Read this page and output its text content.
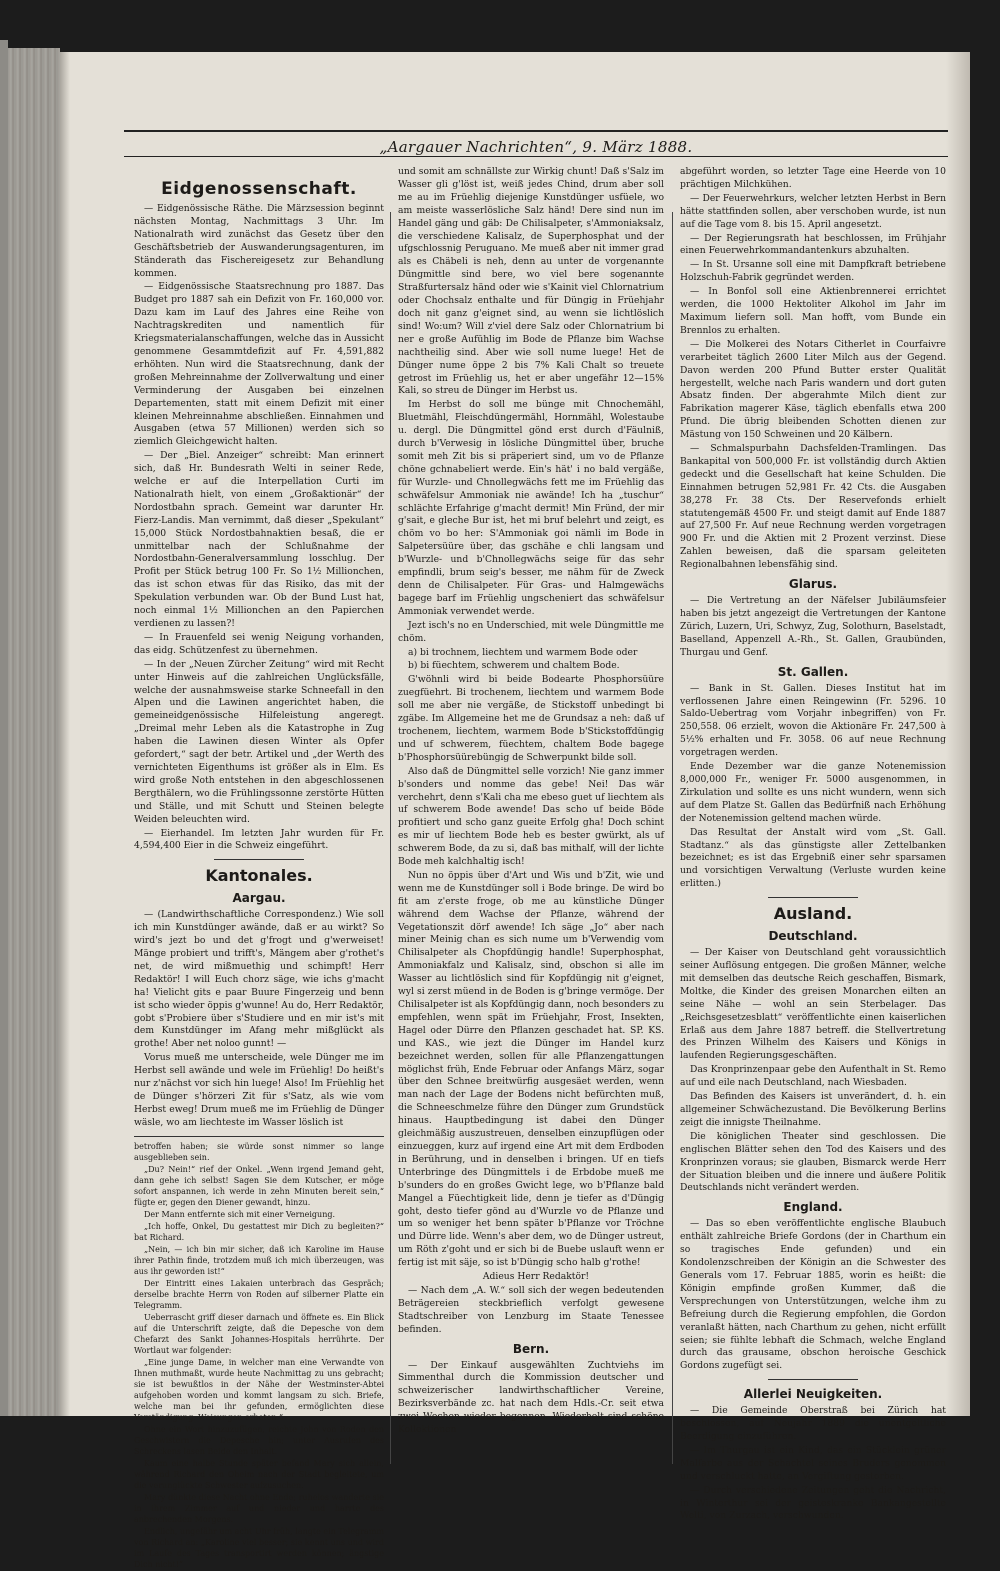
„Aargauer Nachrichten“, 9. März 1888.
Eidgenossenschaft.

— Eidgenössische Räthe. Die Märzsession beginnt nächsten Montag, Nachmittags 3 Uhr. Im Nationalrath wird zunächst das Gesetz über den Geschäftsbetrieb der Auswanderungsagenturen, im Ständerath das Fischereigesetz zur Behandlung kommen.

— Eidgenössische Staatsrechnung pro 1887. Das Budget pro 1887 sah ein Defizit von Fr. 160,000 vor. Dazu kam im Lauf des Jahres eine Reihe von Nachtragskrediten und namentlich für Kriegsmaterialanschaffungen, welche das in Aussicht genommene Gesammtdefizit auf Fr. 4,591,882 erhöhten. Nun wird die Staatsrechnung, dank der großen Mehreinnahme der Zollverwaltung und einer Verminderung der Ausgaben bei einzelnen Departementen, statt mit einem Defizit mit einer kleinen Mehreinnahme abschließen. Einnahmen und Ausgaben (etwa 57 Millionen) werden sich so ziemlich Gleichgewicht halten.

— Der „Biel. Anzeiger“ schreibt: Man erinnert sich, daß Hr. Bundesrath Welti in seiner Rede, welche er auf die Interpellation Curti im Nationalrath hielt, von einem „Großaktionär“ der Nordostbahn sprach. Gemeint war darunter Hr. Fierz-Landis. Man vernimmt, daß dieser „Spekulant“ 15,000 Stück Nordostbahnaktien besaß, die er unmittelbar nach der Schlußnahme der Nordostbahn-Generalversammlung losschlug. Der Profit per Stück betrug 100 Fr. So 1½ Millionchen, das ist schon etwas für das Risiko, das mit der Spekulation verbunden war. Ob der Bund Lust hat, noch einmal 1½ Millionchen an den Papierchen verdienen zu lassen?!

— In Frauenfeld sei wenig Neigung vorhanden, das eidg. Schützenfest zu übernehmen.

— In der „Neuen Zürcher Zeitung“ wird mit Recht unter Hinweis auf die zahlreichen Unglücksfälle, welche der ausnahmsweise starke Schneefall in den Alpen und die Lawinen angerichtet haben, die gemeineidgenössische Hilfeleistung angeregt. „Dreimal mehr Leben als die Katastrophe in Zug haben die Lawinen diesen Winter als Opfer gefordert,“ sagt der betr. Artikel und „der Werth des vernichteten Eigenthums ist größer als in Elm. Es wird große Noth entstehen in den abgeschlossenen Bergthälern, wo die Frühlingssonne zerstörte Hütten und Ställe, und mit Schutt und Steinen belegte Weiden beleuchten wird.

— Eierhandel. Im letzten Jahr wurden für Fr. 4,594,400 Eier in die Schweiz eingeführt.

Kantonales.
Aargau.

— (Landwirthschaftliche Correspondenz.) Wie soll ich min Kunstdünger awände, daß er au wirkt? So wird's jezt bo und det g'frogt und g'werweiset! Mänge probiert und trifft's, Mängem aber g'rothet's net, de wird mißmuethig und schimpft! Herr Redaktör! I will Euch chorz säge, wie ichs g'macht ha! Vielicht gits e paar Buure Fingerzeig und benn ist scho wieder öppis g'wunne! Au do, Herr Redaktör, gobt s'Probiere über s'Studiere und en mir ist's mit dem Kunstdünger im Afang mehr mißglückt als grothe! Aber net noloo gunnt! —

Vorus mueß me unterscheide, wele Dünger me im Herbst sell awände und wele im Früehlig! Do heißt's nur z'nächst vor sich hin luege! Also! Im Früehlig het de Dünger s'hörzeri Zit für s'Satz, als wie vom Herbst eweg! Drum mueß me im Früehlig de Dünger wäsle, wo am liechteste im Wasser löslich ist

betroffen haben; sie würde sonst nimmer so lange ausgeblieben sein.

„Du? Nein!“ rief der Onkel. „Wenn irgend Jemand geht, dann gehe ich selbst! Sagen Sie dem Kutscher, er möge sofort anspannen, ich werde in zehn Minuten bereit sein,“ fügte er, gegen den Diener gewandt, hinzu.

Der Mann entfernte sich mit einer Verneigung.

„Ich hoffe, Onkel, Du gestattest mir Dich zu begleiten?“ bat Richard.

„Nein, — ich bin mir sicher, daß ich Karoline im Hause ihrer Pathin finde, trotzdem muß ich mich überzeugen, was aus ihr geworden ist!“

Der Eintritt eines Lakaien unterbrach das Gespräch; derselbe brachte Herrn von Roden auf silberner Platte ein Telegramm.

Ueberrascht griff dieser darnach und öffnete es. Ein Blick auf die Unterschrift zeigte, daß die Depesche von dem Chefarzt des Sankt Johannes-Hospitals herrührte. Der Wortlaut war folgender:

„Eine junge Dame, in welcher man eine Verwandte von Ihnen muthmaßt, wurde heute Nachmittag zu uns gebracht; sie ist bewußtlos in der Nähe der Westminster-Abtei aufgehoben worden und kommt langsam zu sich. Briefe, welche man bei ihr gefunden, ermöglichten diese Verständigung. Weisungen erbeten.“

Ohne ein Wort hinzuzufügen, reichte John von Roden den Geschwistern die Depesche hin; unter Ausrufen des Schreckens lasen Beide den Inhalt.

Kaum eine halbe Stunde später befand Mary sich allein, während Richard den Oheim nach der Stadt begleitete, um die verunglückte Schwester aufzusuchen.

Mary dünkte diese Nacht ohne Ende; ruhelos wanderte sie in ihrem Zimmer auf und nieder und harrte des anbrechenden Morgens.

Endlich, ungefähr um acht Uhr früh, langte ein Telegramm von Richard an: „Karoline viel besser; sie kennt uns und wird im Laufe des Tages transportirt werden können; ängstige Dich nicht!“

und somit am schnällste zur Wirkig chunt! Daß s'Salz im Wasser gli g'löst ist, weiß jedes Chind, drum aber soll me au im Früehlig diejenige Kunstdünger usfüele, wo am meiste wasserlösliche Salz händ! Dere sind nun im Handel gäng und gäb: De Chilisalpeter, s'Ammoniaksalz, die verschiedene Kalisalz, de Superphosphat und der ufgschlossnig Peruguano. Me mueß aber nit immer grad als es Chäbeli is neh, denn au unter de vorgenannte Düngmittle sind bere, wo viel bere sogenannte Straßfurtersalz händ oder wie s'Kainit viel Chlornatrium oder Chochsalz enthalte und für Düngig in Früehjahr doch nit ganz g'eignet sind, au wenn sie lichtlöslich sind! Wo:um? Will z'viel dere Salz oder Chlornatrium bi ner e große Aufühlig im Bode de Pflanze bim Wachse nachtheilig sind. Aber wie soll nume luege! Het de Dünger nume öppe 2 bis 7% Kali Chalt so treuete getrost im Früehlig us, het er aber ungefähr 12—15% Kali, so streu de Dünger im Herbst us.

Im Herbst do soll me bünge mit Chnochemähl, Bluetmähl, Fleischdüngermähl, Hornmähl, Wolestaube u. dergl. Die Düngmittel gönd erst durch d'Fäulniß, durch b'Verwesig in lösliche Düngmittel über, bruche somit meh Zit bis si präperiert sind, um vo de Pflanze chöne gchnabeliert werde. Ein's hät' i no bald vergäße, für Wurzle- und Chnollegwächs fett me im Früehlig das schwäfelsur Ammoniak nie awände! Ich ha „tuschur“ schlächte Erfahrige g'macht dermit! Min Fründ, der mir g'sait, e gleche Bur ist, het mi bruf belehrt und zeigt, es chöm vo bo her: S'Ammoniak goi nämli im Bode in Salpetersüüre über, das gschähe e chli langsam und b'Wurzle- und b'Chnollegwächs seige für das sehr empfindli, brum seig's besser, me nähm für de Zweck denn de Chilisalpeter. Für Gras- und Halmgewächs bagege barf im Früehlig ungscheniert das schwäfelsur Ammoniak verwendet werde.

Jezt isch's no en Underschied, mit wele Düngmittle me chöm.

a) bi trochnem, liechtem und warmem Bode oder

b) bi füechtem, schwerem und chaltem Bode.

G'wöhnli wird bi beide Bodearte Phosphorsüüre zuegfüehrt. Bi trochenem, liechtem und warmem Bode soll me aber nie vergäße, de Stickstoff unbedingt bi zgäbe. Im Allgemeine het me de Grundsaz a neh: daß uf trochenem, liechtem, warmem Bode b'Stickstoffdüngig und uf schwerem, füechtem, chaltem Bode bagege b'Phosphorsüürebüngig de Schwerpunkt bilde soll.

Also daß de Düngmittel selle vorzich! Nie ganz immer b'sonders und nomme das gebe! Nei! Das wär verchehrt, denn s'Kali cha me ebeso guet uf liechtem als uf schwerem Bode awende! Das scho uf beide Böde profitiert und scho ganz gueite Erfolg gha! Doch schint es mir uf liechtem Bode heb es bester gwürkt, als uf schwerem Bode, da zu si, daß bas mithalf, will der lichte Bode meh kalchhaltig isch!

Nun no öppis über d'Art und Wis und b'Zit, wie und wenn me de Kunstdünger soll i Bode bringe. De wird bo fit am z'erste froge, ob me au künstliche Dünger während dem Wachse der Pflanze, während der Vegetationszit dörf awende! Ich säge „Jo“ aber nach miner Meinig chan es sich nume um b'Verwendig vom Chilisalpeter als Chopfdüngig handle! Superphosphat, Ammoniakfalz und Kalisalz, sind, obschon si alle im Wasser au lichtlöslich sind für Kopfdüngig nit g'eignet, wyl si zerst müend in de Boden is g'bringe vermöge. Der Chilisalpeter ist als Kopfdüngig dann, noch besonders zu empfehlen, wenn spät im Früehjahr, Frost, Insekten, Hagel oder Dürre den Pflanzen geschadet hat. SP. KS. und KAS., wie jezt die Dünger im Handel kurz bezeichnet werden, sollen für alle Pflanzengattungen möglichst früh, Ende Februar oder Anfangs März, sogar über den Schnee breitwürfig ausgesäet werden, wenn man nach der Lage der Bodens nicht befürchten muß, die Schneeschmelze führe den Dünger zum Grundstück hinaus. Hauptbedingung ist dabei den Dünger gleichmäßig auszustreuen, denselben einzupflügen oder einzueggen, kurz auf irgend eine Art mit dem Erdboden in Berührung, und in denselben i bringen. Uf en tiefs Unterbringe des Düngmittels i de Erbdobe mueß me b'sunders do en großes Gwicht lege, wo b'Pflanze bald Mangel a Füechtigkeit lide, denn je tiefer as d'Düngig goht, desto tiefer gönd au d'Wurzle vo de Pflanze und um so weniger het benn später b'Pflanze vor Tröchne und Dürre lide. Wenn's aber dem, wo de Dünger ustreut, um Röth z'goht und er sich bi de Buebe uslauft wenn er fertig ist mit säje, so ist b'Düngig scho halb g'rothe!

Adieus Herr Redaktör!

— Nach dem „A. W.“ soll sich der wegen bedeutenden Beträgereien steckbrieflich verfolgt gewesene Stadtschreiber von Lenzburg im Staate Tenessee befinden.

Bern.

— Der Einkauf ausgewählten Zuchtviehs im Simmenthal durch die Kommission deutscher und schweizerischer landwirthschaftlicher Vereine, Bezirksverbände zc. hat nach dem Hdls.-Cr. seit etwa zwei Wochen wieder begonnen. Wiederholt sind schöne Kollektionen

abgeführt worden, so letzter Tage eine Heerde von 10 prächtigen Milchkühen.

— Der Feuerwehrkurs, welcher letzten Herbst in Bern hätte stattfinden sollen, aber verschoben wurde, ist nun auf die Tage vom 8. bis 15. April angesetzt.

— Der Regierungsrath hat beschlossen, im Frühjahr einen Feuerwehrkommandantenkurs abzuhalten.

— In St. Ursanne soll eine mit Dampfkraft betriebene Holzschuh-Fabrik gegründet werden.

— In Bonfol soll eine Aktienbrennerei errichtet werden, die 1000 Hektoliter Alkohol im Jahr im Maximum liefern soll. Man hofft, vom Bunde ein Brennlos zu erhalten.

— Die Molkerei des Notars Citherlet in Courfaivre verarbeitet täglich 2600 Liter Milch aus der Gegend. Davon werden 200 Pfund Butter erster Qualität hergestellt, welche nach Paris wandern und dort guten Absatz finden. Der abgerahmte Milch dient zur Fabrikation magerer Käse, täglich ebenfalls etwa 200 Pfund. Die übrig bleibenden Schotten dienen zur Mästung von 150 Schweinen und 20 Kälbern.

— Schmalspurbahn Dachsfelden-Tramlingen. Das Bankapital von 500,000 Fr. ist vollständig durch Aktien gedeckt und die Gesellschaft hat keine Schulden. Die Einnahmen betrugen 52,981 Fr. 42 Cts. die Ausgaben 38,278 Fr. 38 Cts. Der Reservefonds erhielt statutengemäß 4500 Fr. und steigt damit auf Ende 1887 auf 27,500 Fr. Auf neue Rechnung werden vorgetragen 900 Fr. und die Aktien mit 2 Prozent verzinst. Diese Zahlen beweisen, daß die sparsam geleiteten Regionalbahnen lebensfähig sind.

Glarus.

— Die Vertretung an der Näfelser Jubiläumsfeier haben bis jetzt angezeigt die Vertretungen der Kantone Zürich, Luzern, Uri, Schwyz, Zug, Solothurn, Baselstadt, Baselland, Appenzell A.-Rh., St. Gallen, Graubünden, Thurgau und Genf.

St. Gallen.

— Bank in St. Gallen. Dieses Institut hat im verflossenen Jahre einen Reingewinn (Fr. 5296. 10 Saldo-Uebertrag vom Vorjahr inbegriffen) von Fr. 250,558. 06 erzielt, wovon die Aktionäre Fr. 247,500 à 5½% erhalten und Fr. 3058. 06 auf neue Rechnung vorgetragen werden.

Ende Dezember war die ganze Notenemission 8,000,000 Fr., weniger Fr. 5000 ausgenommen, in Zirkulation und sollte es uns nicht wundern, wenn sich auf dem Platze St. Gallen das Bedürfniß nach Erhöhung der Notenemission geltend machen würde.

Das Resultat der Anstalt wird vom „St. Gall. Stadtanz.“ als das günstigste aller Zettelbanken bezeichnet; es ist das Ergebniß einer sehr sparsamen und vorsichtigen Verwaltung (Verluste wurden keine erlitten.)

Ausland.
Deutschland.

— Der Kaiser von Deutschland geht voraussichtlich seiner Auflösung entgegen. Die großen Männer, welche mit demselben das deutsche Reich geschaffen, Bismark, Moltke, die Kinder des greisen Monarchen eilten an seine Nähe — wohl an sein Sterbelager. Das „Reichsgesetzesblatt“ veröffentlichte einen kaiserlichen Erlaß aus dem Jahre 1887 betreff. die Stellvertretung des Prinzen Wilhelm des Kaisers und Königs in laufenden Regierungsgeschäften.

Das Kronprinzenpaar gebe den Aufenthalt in St. Remo auf und eile nach Deutschland, nach Wiesbaden.

Das Befinden des Kaisers ist unverändert, d. h. ein allgemeiner Schwächezustand. Die Bevölkerung Berlins zeigt die innigste Theilnahme.

Die königlichen Theater sind geschlossen. Die englischen Blätter sehen den Tod des Kaisers und des Kronprinzen voraus; sie glauben, Bismarck werde Herr der Situation bleiben und die innere und äußere Politik Deutschlands nicht verändert werden.

England.

— Das so eben veröffentlichte englische Blaubuch enthält zahlreiche Briefe Gordons (der in Charthum ein so tragisches Ende gefunden) und ein Kondolenzschreiben der Königin an die Schwester des Generals vom 17. Februar 1885, worin es heißt: die Königin empfinde großen Kummer, daß die Versprechungen von Unterstützungen, welche ihm zu Befreiung durch die Regierung empfohlen, die Gordon veranlaßt hätten, nach Charthum zu gehen, nicht erfüllt seien; sie fühlte lebhaft die Schmach, welche England durch das grausame, obschon heroische Geschick Gordons zugefügt sei.

Allerlei Neuigkeiten.

— Die Gemeinde Oberstraß bei Zürich hat beschlossen, auf Neujahr 1889 die unentgeltliche Beerdigung einzuführen.

— Im Thurgau ist ein Kind, das ein Stücklein grüner Malfarbe aus der Schachtel seines Bruders genommen und verschluckt hatte, an Vergiftung gestorben.

— Durch verschiedene Zeitungen geht die Nachricht, in Winterthur sei der geisteskranke Bankangestellte Welti, von Zurzach, verschwunden.
